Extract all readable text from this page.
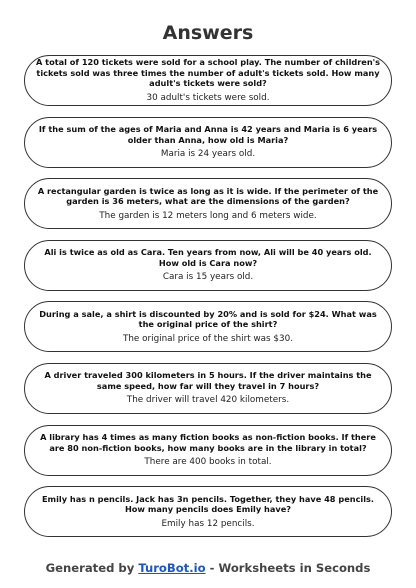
Answers
A total of 120 tickets were sold for a school play. The number of children's tickets sold was three times the number of adult's tickets sold. How many adult's tickets were sold?
30 adult's tickets were sold.
If the sum of the ages of Maria and Anna is 42 years and Maria is 6 years older than Anna, how old is Maria?
Maria is 24 years old.
A rectangular garden is twice as long as it is wide. If the perimeter of the garden is 36 meters, what are the dimensions of the garden?
The garden is 12 meters long and 6 meters wide.
Ali is twice as old as Cara. Ten years from now, Ali will be 40 years old. How old is Cara now?
Cara is 15 years old.
During a sale, a shirt is discounted by 20% and is sold for $24. What was the original price of the shirt?
The original price of the shirt was $30.
A driver traveled 300 kilometers in 5 hours. If the driver maintains the same speed, how far will they travel in 7 hours?
The driver will travel 420 kilometers.
A library has 4 times as many fiction books as non-fiction books. If there are 80 non-fiction books, how many books are in the library in total?
There are 400 books in total.
Emily has n pencils. Jack has 3n pencils. Together, they have 48 pencils. How many pencils does Emily have?
Emily has 12 pencils.
Generated by TuroBot.io - Worksheets in Seconds
